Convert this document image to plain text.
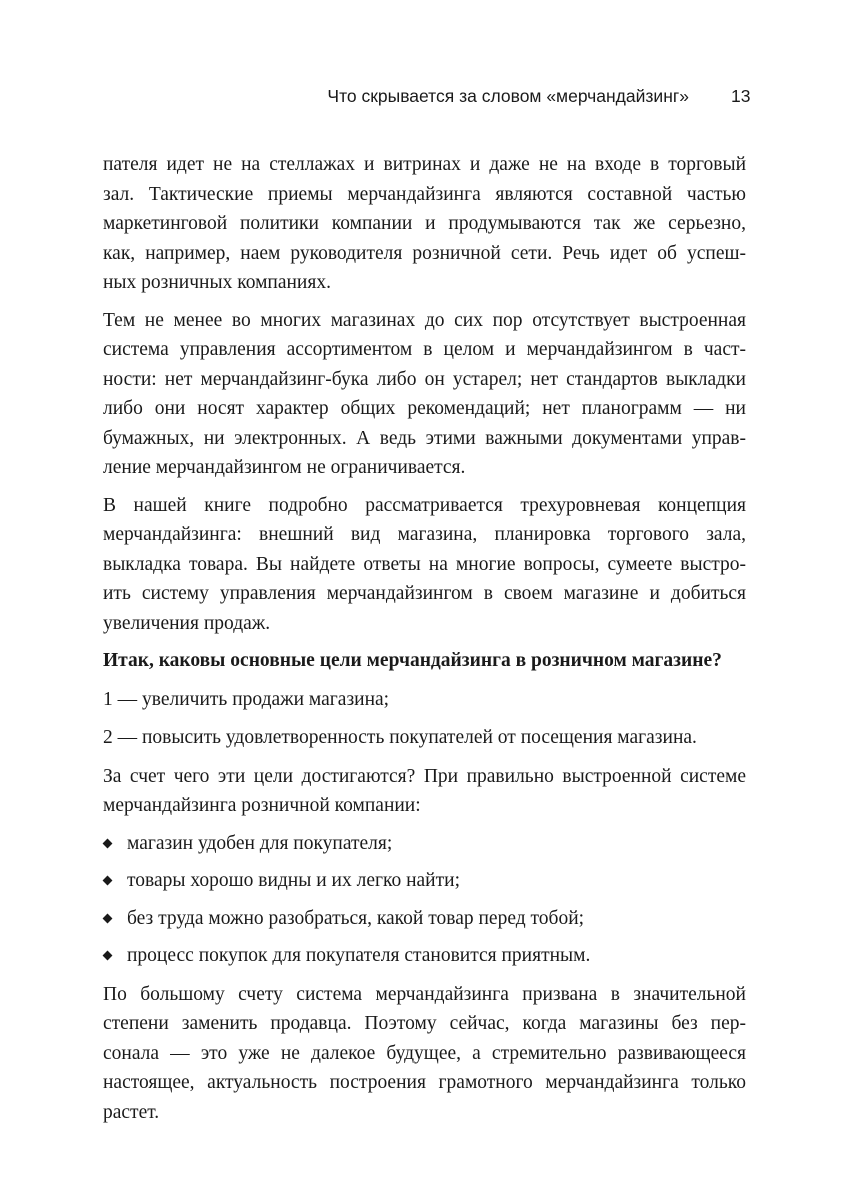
Что скрывается за словом «мерчандайзинг» 13

пателя идет не на стеллажах и витринах и даже не на входе в торговый
зал. Тактические приемы мерчандайзинга являются составной частью
маркетинговой политики компании и продумываются так же серьезно,
как, например, наем руководителя розничной сети. Речь идет об успеш-
ных розничных компаниях.

Тем не менее во многих магазинах до сих пор отсутствует выстроенная
система управления ассортиментом в целом и мерчандайзингом в част-
ности: нет мерчандайзинг-бука либо он устарел; нет стандартов выкладки
либо они носят характер общих рекомендаций; нет планограмм — ни
бумажных, ни электронных. А ведь этими важными документами управ-
ление мерчандайзингом не ограничивается.

В нашей книге подробно рассматривается трехуровневая концепция
мерчандайзинга: внешний вид магазина, планировка торгового зала,
выкладка товара. Вы найдете ответы на многие вопросы, сумеете выстро-
ить систему управления мерчандайзингом в своем магазине и добиться
увеличения продаж.

Итак, каковы основные цели мерчандайзинга в розничном магазине?

1 — увеличить продажи магазина;

2 — повысить удовлетворенность покупателей от посещения магазина.

За счет чего эти цели достигаются? При правильно выстроенной системе
мерчандайзинга розничной компании:

магазин удобен для покупателя;
товары хорошо видны и их легко найти;
без труда можно разобраться, какой товар перед тобой;
процесс покупок для покупателя становится приятным.

По большому счету система мерчандайзинга призвана в значительной
степени заменить продавца. Поэтому сейчас, когда магазины без пер-
сонала — это уже не далекое будущее, а стремительно развивающееся
настоящее, актуальность построения грамотного мерчандайзинга только
растет.
